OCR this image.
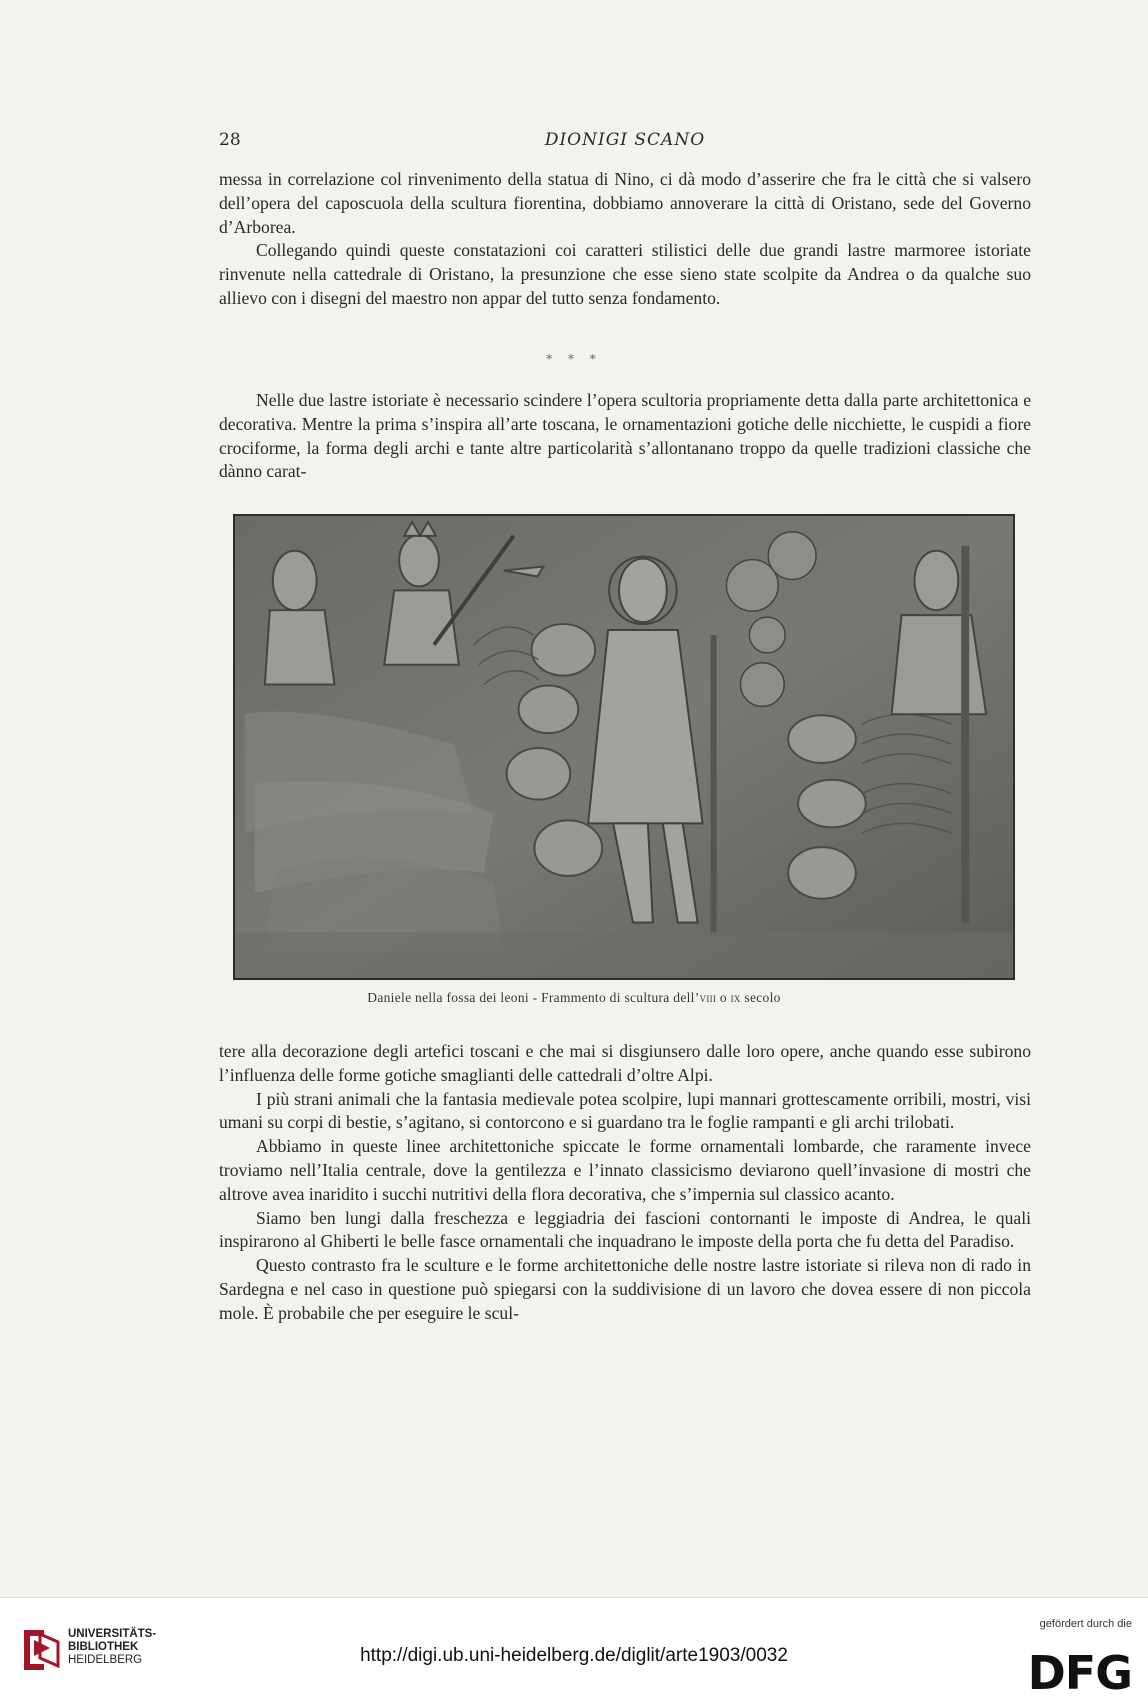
28	DIONIGI SCANO

messa in correlazione col rinvenimento della statua di Nino, ci dà modo d’asserire che fra le città che si valsero dell’opera del caposcuola della scultura fiorentina, dobbiamo annoverare la città di Oristano, sede del Governo d’Arborea.

Collegando quindi queste constatazioni coi caratteri stilistici delle due grandi lastre marmoree istoriate rinvenute nella cattedrale di Oristano, la presunzione che esse sieno state scolpite da Andrea o da qualche suo allievo con i disegni del maestro non appar del tutto senza fondamento.

* * *

Nelle due lastre istoriate è necessario scindere l’opera scultoria propriamente detta dalla parte architettonica e decorativa. Mentre la prima s’inspira all’arte toscana, le ornamentazioni gotiche delle nicchiette, le cuspidi a fiore crociforme, la forma degli archi e tante altre particolarità s’allontanano troppo da quelle tradizioni classiche che dànno carat-

Daniele nella fossa dei leoni - Frammento di scultura dell’viii o ix secolo

tere alla decorazione degli artefici toscani e che mai si disgiunsero dalle loro opere, anche quando esse subirono l’influenza delle forme gotiche smaglianti delle cattedrali d’oltre Alpi.

I più strani animali che la fantasia medievale potea scolpire, lupi mannari grottescamente orribili, mostri, visi umani su corpi di bestie, s’agitano, si contorcono e si guardano tra le foglie rampanti e gli archi trilobati.

Abbiamo in queste linee architettoniche spiccate le forme ornamentali lombarde, che raramente invece troviamo nell’Italia centrale, dove la gentilezza e l’innato classicismo deviarono quell’invasione di mostri che altrove avea inaridito i succhi nutritivi della flora decorativa, che s’impernia sul classico acanto.

Siamo ben lungi dalla freschezza e leggiadria dei fascioni contornanti le imposte di Andrea, le quali inspirarono al Ghiberti le belle fasce ornamentali che inquadrano le imposte della porta che fu detta del Paradiso.

Questo contrasto fra le sculture e le forme architettoniche delle nostre lastre istoriate si rileva non di rado in Sardegna e nel caso in questione può spiegarsi con la suddivisione di un lavoro che dovea essere di non piccola mole. È probabile che per eseguire le scul-

UNIVERSITÄTS-
BIBLIOTHEK
HEIDELBERG	http://digi.ub.uni-heidelberg.de/diglit/arte1903/0032
gefördert durch die
DFG
